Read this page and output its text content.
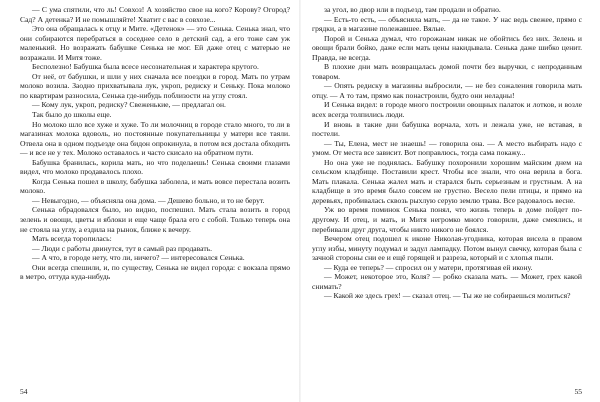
— С ума спятили, что ль! Совхоз! А хозяйство свое на кого? Корову? Огород? Сад? А детенка? И не помышляйте! Хватит с вас в совхозе...

Это она обращалась к отцу и Мите. «Детенок» — это Сенька. Сенька знал, что они собираются перебраться в соседнее село в детский сад, а его тоже сам уж маленький. Но возражать бабушке Сенька не мог. Ей даже отец с матерью не возражали. И Митя тоже.

Бесполезно! Бабушка была всесе несознательная и характера крутого.

От неё, от бабушки, и шли у них сначала все поездки в город. Мать по утрам молоко возила. Заодно прихватывала лук, укроп, редиску и Сеньку. Пока молоко по квартирам разносила, Сенька где-нибудь поблизости на углу стоял.

— Кому лук, укроп, редиску? Свеженькие, — предлагал он.

Так было до школы еще.

Но молоко шло все хуже и хуже. То ли молочниц в городе стало много, то ли в магазинах молока вдоволь, но постоянные покупательницы у матери все таяли. Отвела она в одном подъезде она бидон опрокинула, в потом вся достала обходить — и все не у тех. Молоко оставалось и часто скисало на обратном пути.

Бабушка бранилась, корила мать, но что поделаешь! Сенька своими глазами видел, что молоко продавалось плохо.

Когда Сенька пошел в школу, бабушка заболела, и мать вовсе перестала возить молоко.

— Невыгодно, — объясняла она дома. — Дешево больно, и то не берут.

Сенька обрадовался было, но видно, поспешил. Мать стала возить в город зелень и овощи, цветы и яблоки и еще чаще брала его с собой. Только теперь она не стояла на углу, а ездила на рынок, ближе к вечеру.

Мать всегда торопилась:

— Люди с работы двинутся, тут в самый раз продавать.

— А что, в городе нету, что ли, ничего? — интересовался Сенька.

Они всегда спешили, и, по существу, Сенька не видел города: с вокзала прямо в метро, оттуда куда-нибудь

54

за угол, во двор или в подъезд, там продали и обратно.

— Есть-то есть, — объясняла мать, — да не такое. У нас ведь свежее, прямо с грядки, а в магазине полежавшее. Вялые.

Порой и Сенька думал, что горожанам никак не обойтись без них. Зелень и овощи брали бойко, даже если мать цены накидывала. Сенька даже шибко ценит. Правда, не всегда.

В плохие дни мать возвращалась домой почти без выручки, с непроданным товаром.

— Опять редиску в магазины выбросили, — не без сожаления говорила мать отцу. — А то там, прямо как понастроили, будто они неладны!

И Сенька видел: в городе много построили овощных палаток и лотков, и возле всех всегда толпились люди.

И вновь в такие дни бабушка ворчала, хоть и лежала уже, не вставая, в постели.

— Ты, Елена, мест не знаешь! — говорила она. — А место выбирать надо с умом. От места все зависит. Вот поправлюсь, тогда сама покажу...

Но она уже не поднялась. Бабушку похоронили хорошим майским днем на сельском кладбище. Поставили крест. Чтобы все знали, что она верила в бога. Мать плакала. Сенька жалел мать и старался быть серьезным и грустным. А на кладбище в это время было совсем не грустно. Весело пели птицы, и прямо на деревьях, пробивалась сквозь рыхлую серую землю трава. Все радовалось весне.

Уж во время поминок Сенька понял, что жизнь теперь в доме пойдет по-другому. И отец, и мать, и Митя негромко много говорили, даже смеялись, и перебивали друг друга, чтобы никто никого не боялся.

Вечером отец подошел к иконе Николая-угодника, которая висела в правом углу избы, минуту подумал и задул лампадку. Потом вынул свечку, которая была с зачной стороны сни ее и ещё горящей и разреза, который и с хлопья пыли.

— Куда ее теперь? — спросил он у матери, протягивая ей икону.

— Может, некоторое это, Коля? — робко сказала мать. — Может, грех какой снимать?

— Какой же здесь грех! — сказал отец. — Ты же не собираешься молиться?

55
